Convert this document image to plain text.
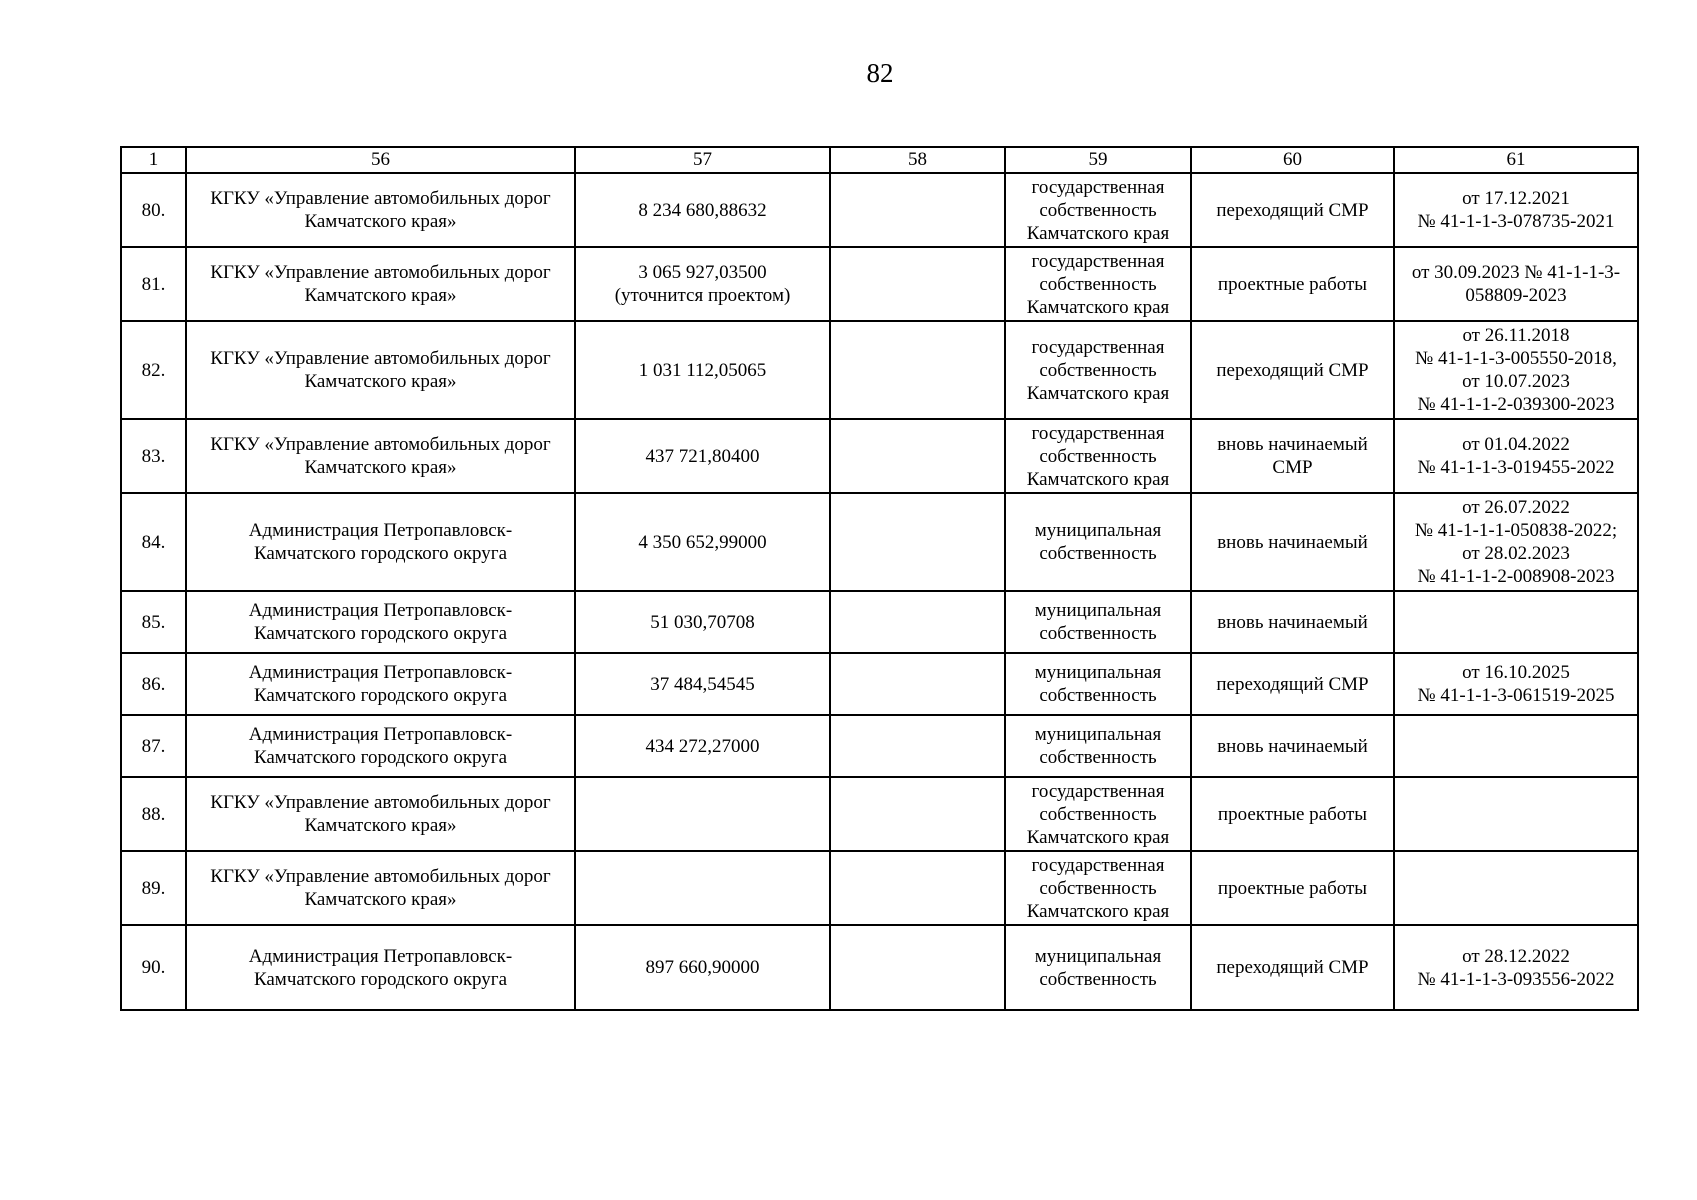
82
1	56	57	58	59	60	61
80.	КГКУ «Управление автомобильных дорог
Камчатского края»	8 234 680,88632		государственная
собственность
Камчатского края	переходящий СМР	от 17.12.2021
№ 41-1-1-3-078735-2021
81.	КГКУ «Управление автомобильных дорог
Камчатского края»	3 065 927,03500
(уточнится проектом)		государственная
собственность
Камчатского края	проектные работы	от 30.09.2023 № 41-1-1-3-
058809-2023
82.	КГКУ «Управление автомобильных дорог
Камчатского края»	1 031 112,05065		государственная
собственность
Камчатского края	переходящий СМР	от 26.11.2018
№ 41-1-1-3-005550-2018,
от 10.07.2023
№ 41-1-1-2-039300-2023
83.	КГКУ «Управление автомобильных дорог
Камчатского края»	437 721,80400		государственная
собственность
Камчатского края	вновь начинаемый
СМР	от 01.04.2022
№ 41-1-1-3-019455-2022
84.	Администрация Петропавловск-
Камчатского городского округа	4 350 652,99000		муниципальная
собственность	вновь начинаемый	от 26.07.2022
№ 41-1-1-1-050838-2022;
от 28.02.2023
№ 41-1-1-2-008908-2023
85.	Администрация Петропавловск-
Камчатского городского округа	51 030,70708		муниципальная
собственность	вновь начинаемый	
86.	Администрация Петропавловск-
Камчатского городского округа	37 484,54545		муниципальная
собственность	переходящий СМР	от 16.10.2025
№ 41-1-1-3-061519-2025
87.	Администрация Петропавловск-
Камчатского городского округа	434 272,27000		муниципальная
собственность	вновь начинаемый	
88.	КГКУ «Управление автомобильных дорог
Камчатского края»			государственная
собственность
Камчатского края	проектные работы	
89.	КГКУ «Управление автомобильных дорог
Камчатского края»			государственная
собственность
Камчатского края	проектные работы	
90.	Администрация Петропавловск-
Камчатского городского округа	897 660,90000		муниципальная
собственность	переходящий СМР	от 28.12.2022
№ 41-1-1-3-093556-2022
